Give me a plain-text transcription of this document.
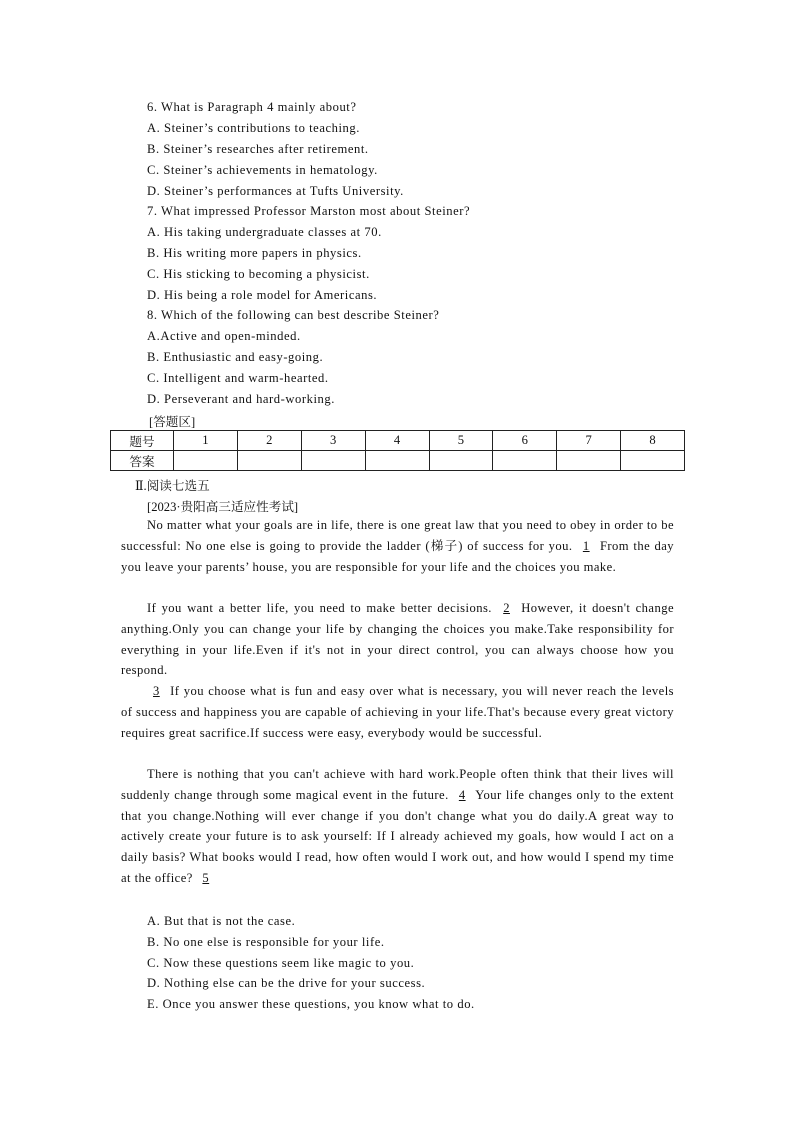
6. What is Paragraph 4 mainly about?
A. Steiner’s contributions to teaching.
B. Steiner’s researches after retirement.
C. Steiner’s achievements in hematology.
D. Steiner’s performances at Tufts University.
7. What impressed Professor Marston most about Steiner?
A. His taking undergraduate classes at 70.
B. His writing more papers in physics.
C. His sticking to becoming a physicist.
D. His being a role model for Americans.
8. Which of the following can best describe Steiner?
A.Active and open-minded.
B. Enthusiastic and easy-going.
C. Intelligent and warm-hearted.
D. Perseverant and hard-working.
[答题区]
题号	1	2	3	4	5	6	7	8
答案								
Ⅱ.阅读七选五
[2023·贵阳高三适应性考试]
No matter what your goals are in life, there is one great law that you need to obey in order to be successful: No one else is going to provide the ladder (梯子) of success for you. 1 From the day you leave your parents’ house, you are responsible for your life and the choices you make.
If you want a better life, you need to make better decisions. 2 However, it doesn't change anything.Only you can change your life by changing the choices you make.Take responsibility for everything in your life.Even if it's not in your direct control, you can always choose how you respond.
3 If you choose what is fun and easy over what is necessary, you will never reach the levels of success and happiness you are capable of achieving in your life.That's because every great victory requires great sacrifice.If success were easy, everybody would be successful.
There is nothing that you can't achieve with hard work.People often think that their lives will suddenly change through some magical event in the future. 4 Your life changes only to the extent that you change.Nothing will ever change if you don't change what you do daily.A great way to actively create your future is to ask yourself: If I already achieved my goals, how would I act on a daily basis? What books would I read, how often would I work out, and how would I spend my time at the office? 5
A. But that is not the case.
B. No one else is responsible for your life.
C. Now these questions seem like magic to you.
D. Nothing else can be the drive for your success.
E. Once you answer these questions, you know what to do.
